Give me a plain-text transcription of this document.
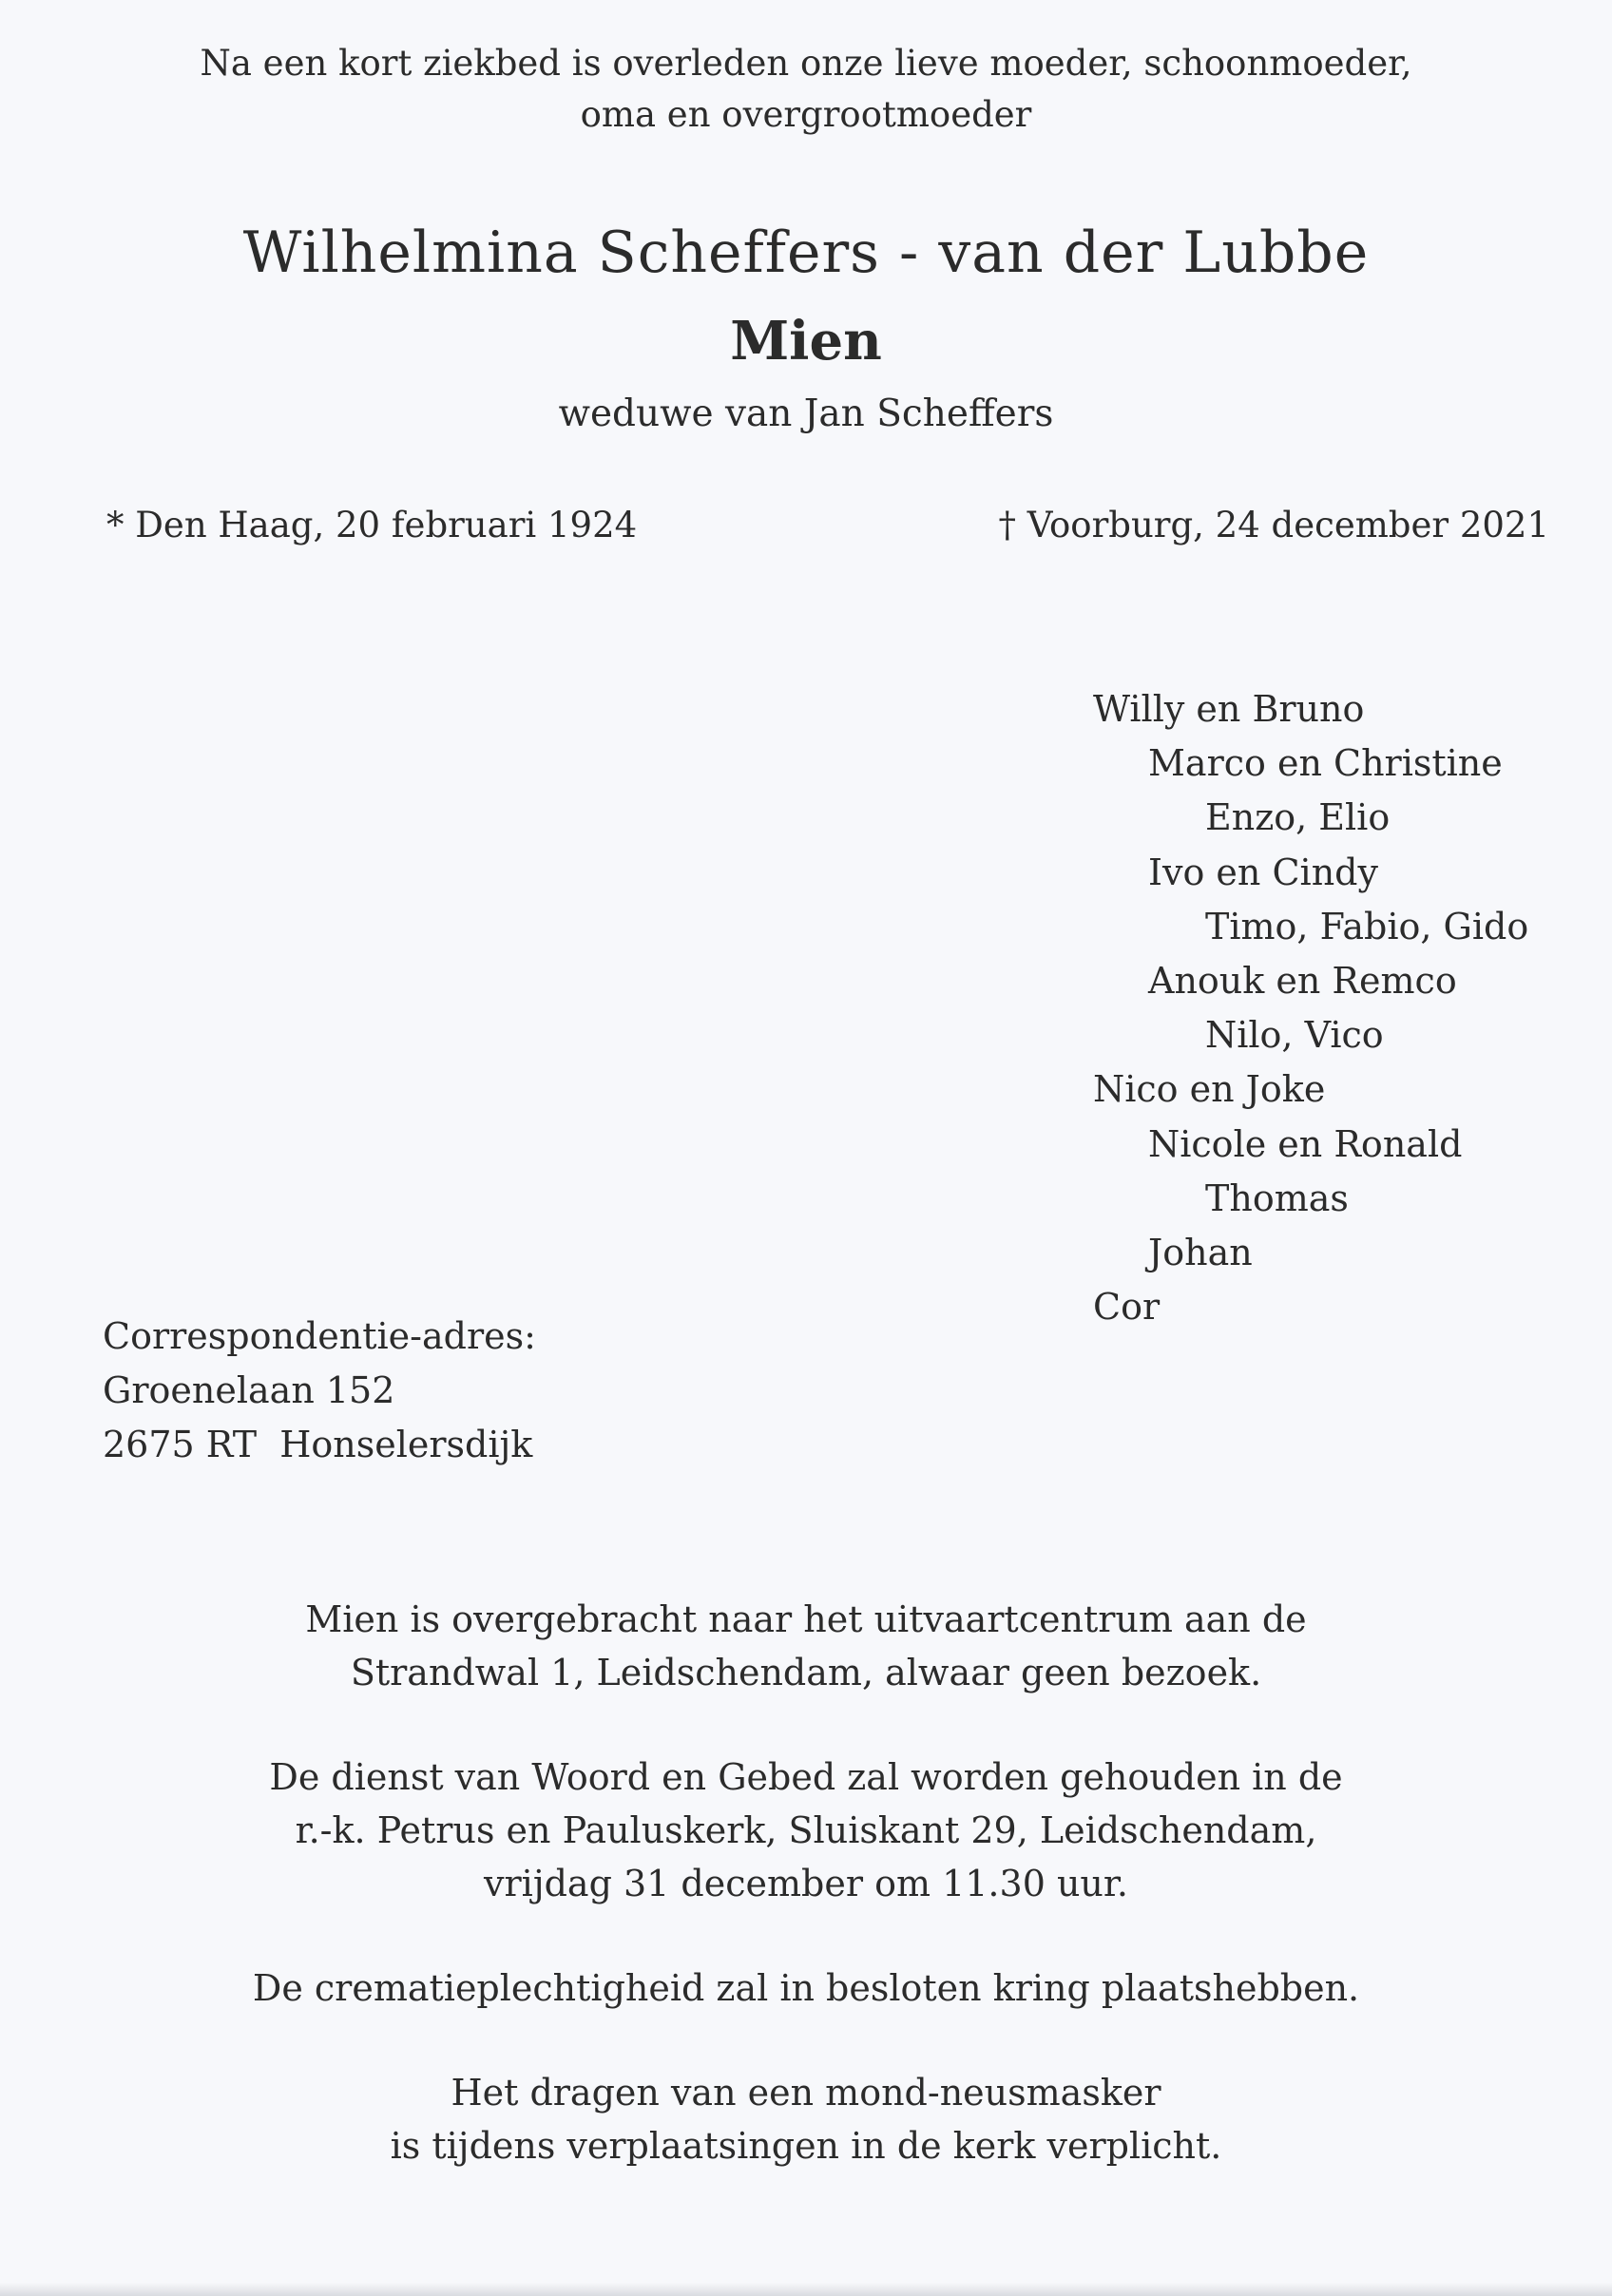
Na een kort ziekbed is overleden onze lieve moeder, schoonmoeder,
oma en overgrootmoeder
Wilhelmina Scheffers - van der Lubbe
Mien
weduwe van Jan Scheffers
* Den Haag, 20 februari 1924	† Voorburg, 24 december 2021
Willy en Bruno
Marco en Christine
Enzo, Elio
Ivo en Cindy
Timo, Fabio, Gido
Anouk en Remco
Nilo, Vico
Nico en Joke
Nicole en Ronald
Thomas
Johan
Cor
Correspondentie-adres:
Groenelaan 152
2675 RT  Honselersdijk

Mien is overgebracht naar het uitvaartcentrum aan de
Strandwal 1, Leidschendam, alwaar geen bezoek.

De dienst van Woord en Gebed zal worden gehouden in de
r.-k. Petrus en Pauluskerk, Sluiskant 29, Leidschendam,
vrijdag 31 december om 11.30 uur.

De crematieplechtigheid zal in besloten kring plaatshebben.

Het dragen van een mond-neusmasker
is tijdens verplaatsingen in de kerk verplicht.
